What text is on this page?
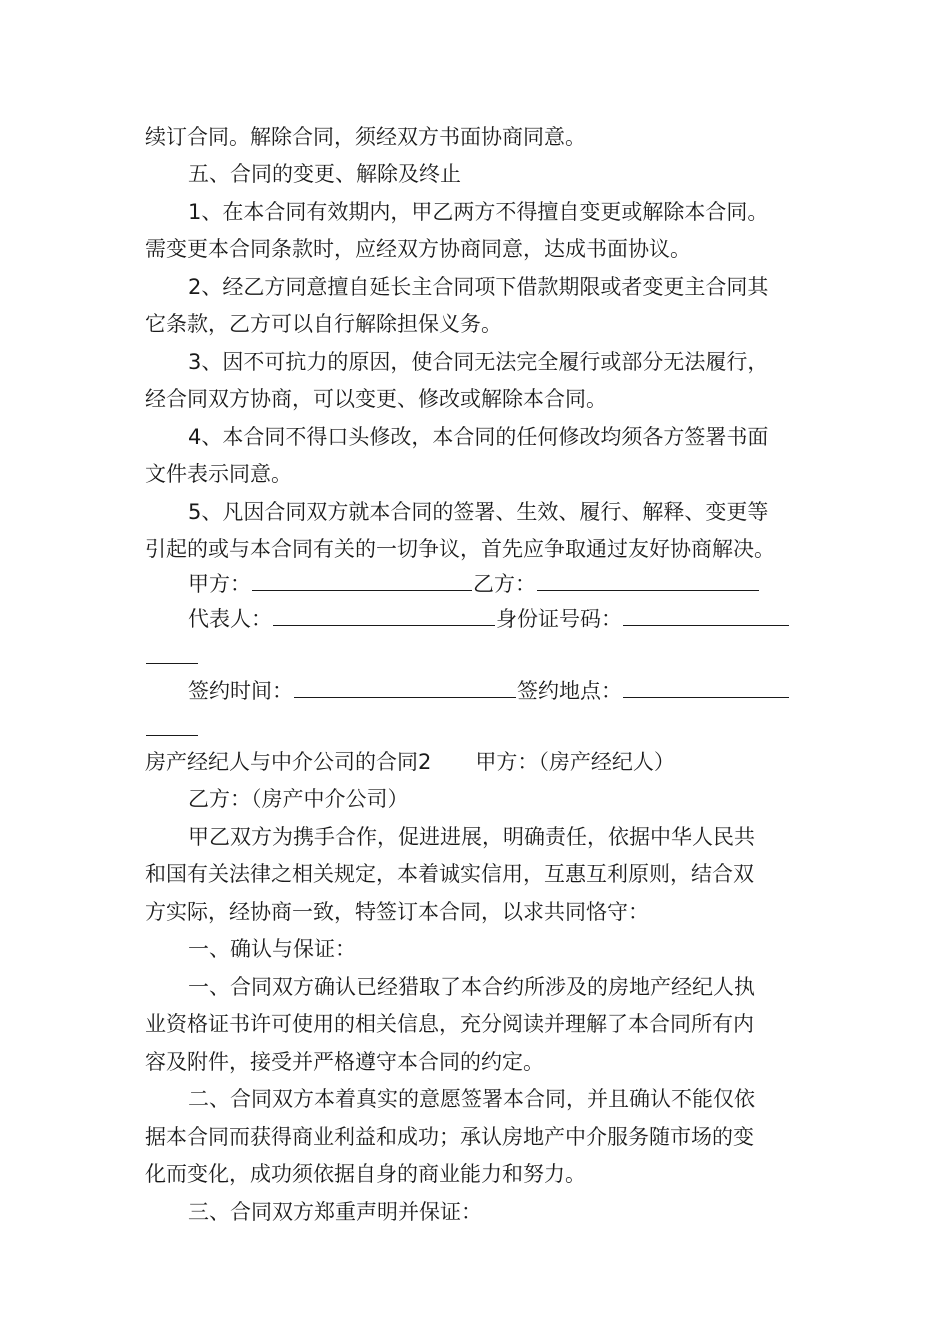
续订合同。解除合同，须经双方书面协商同意。
五、合同的变更、解除及终止
1、在本合同有效期内，甲乙两方不得擅自变更或解除本合同。
需变更本合同条款时，应经双方协商同意，达成书面协议。
2、经乙方同意擅自延长主合同项下借款期限或者变更主合同其
它条款，乙方可以自行解除担保义务。
3、因不可抗力的原因，使合同无法完全履行或部分无法履行，
经合同双方协商，可以变更、修改或解除本合同。
4、本合同不得口头修改，本合同的任何修改均须各方签署书面
文件表示同意。
5、凡因合同双方就本合同的签署、生效、履行、解释、变更等
引起的或与本合同有关的一切争议，首先应争取通过友好协商解决。
甲方：	乙方：
代表人：	身份证号码：
签约时间：	签约地点：
房产经纪人与中介公司的合同2 甲方：（房产经纪人）
乙方：（房产中介公司）
甲乙双方为携手合作，促进进展，明确责任，依据中华人民共
和国有关法律之相关规定，本着诚实信用，互惠互利原则，结合双
方实际，经协商一致，特签订本合同，以求共同恪守：
一、确认与保证：
一、合同双方确认已经猎取了本合约所涉及的房地产经纪人执
业资格证书许可使用的相关信息，充分阅读并理解了本合同所有内
容及附件，接受并严格遵守本合同的约定。
二、合同双方本着真实的意愿签署本合同，并且确认不能仅依
据本合同而获得商业利益和成功；承认房地产中介服务随市场的变
化而变化，成功须依据自身的商业能力和努力。
三、合同双方郑重声明并保证：
